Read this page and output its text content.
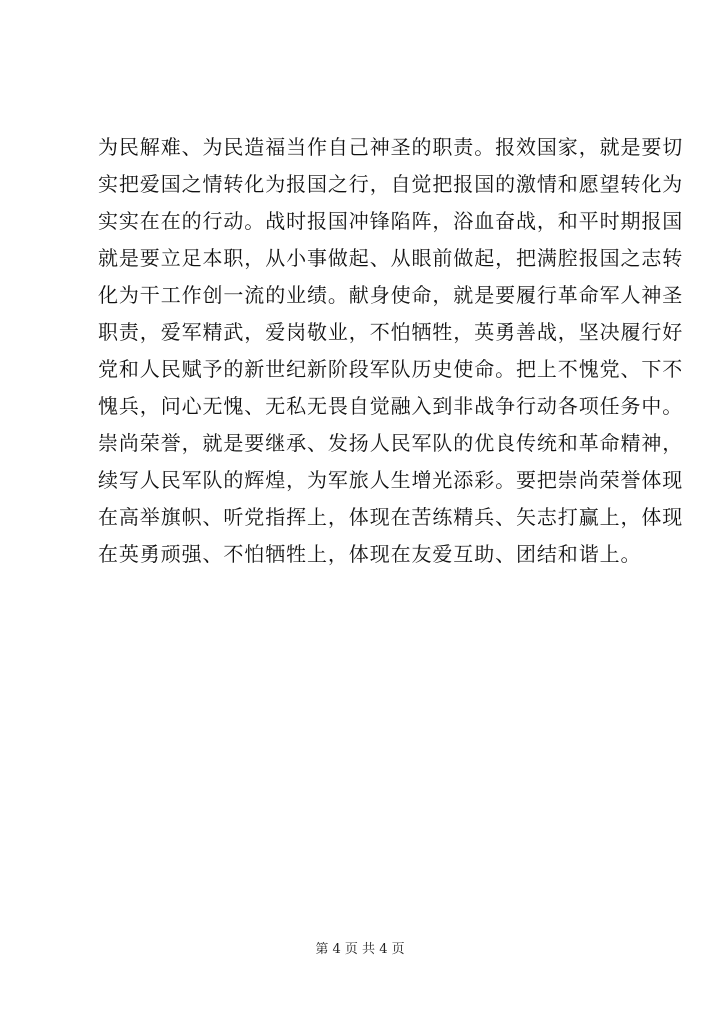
为民解难、为民造福当作自己神圣的职责。报效国家，就是要切
实把爱国之情转化为报国之行，自觉把报国的激情和愿望转化为
实实在在的行动。战时报国冲锋陷阵，浴血奋战，和平时期报国
就是要立足本职，从小事做起、从眼前做起，把满腔报国之志转
化为干工作创一流的业绩。献身使命，就是要履行革命军人神圣
职责，爱军精武，爱岗敬业，不怕牺牲，英勇善战，坚决履行好
党和人民赋予的新世纪新阶段军队历史使命。把上不愧党、下不
愧兵，问心无愧、无私无畏自觉融入到非战争行动各项任务中。
崇尚荣誉，就是要继承、发扬人民军队的优良传统和革命精神，
续写人民军队的辉煌，为军旅人生增光添彩。要把崇尚荣誉体现
在高举旗帜、听党指挥上，体现在苦练精兵、矢志打赢上，体现
在英勇顽强、不怕牺牲上，体现在友爱互助、团结和谐上。
第 4 页 共 4 页
